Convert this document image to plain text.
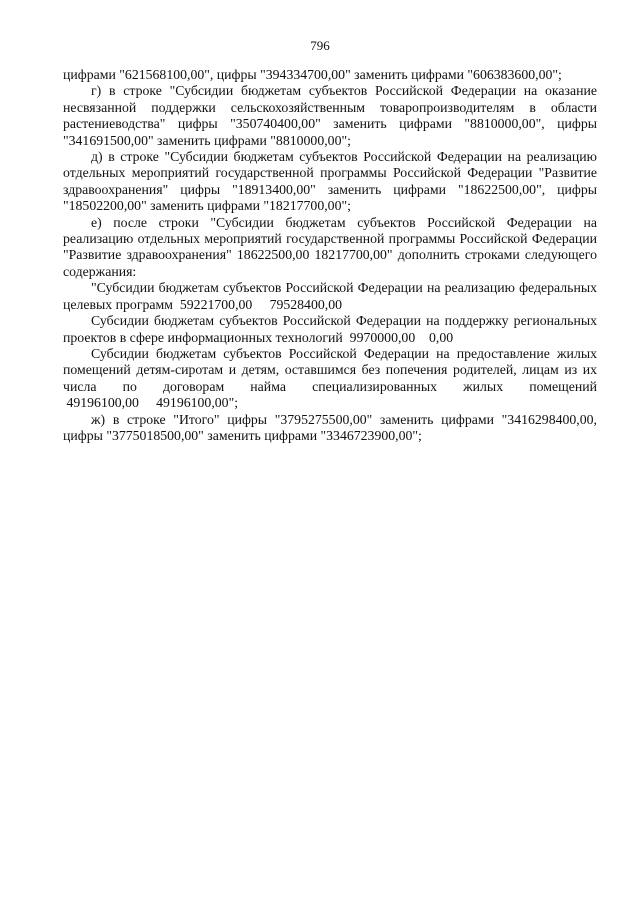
796

цифрами "621568100,00", цифры "394334700,00" заменить цифрами "606383600,00";

г) в строке "Субсидии бюджетам субъектов Российской Федерации на оказание несвязанной поддержки сельскохозяйственным товаропроизводителям в области растениеводства" цифры "350740400,00" заменить цифрами "8810000,00", цифры "341691500,00" заменить цифрами "8810000,00";

д) в строке "Субсидии бюджетам субъектов Российской Федерации на реализацию отдельных мероприятий государственной программы Российской Федерации "Развитие здравоохранения" цифры "18913400,00" заменить цифрами "18622500,00", цифры "18502200,00" заменить цифрами "18217700,00";

е) после строки "Субсидии бюджетам субъектов Российской Федерации на реализацию отдельных мероприятий государственной программы Российской Федерации "Развитие здравоохранения" 18622500,00 18217700,00" дополнить строками следующего содержания:

"Субсидии бюджетам субъектов Российской Федерации на реализацию федеральных целевых программ  59221700,00     79528400,00

Субсидии бюджетам субъектов Российской Федерации на поддержку региональных проектов в сфере информационных технологий  9970000,00    0,00

Субсидии бюджетам субъектов Российской Федерации на предоставление жилых помещений детям-сиротам и детям, оставшимся без попечения родителей, лицам из их числа по договорам найма специализированных жилых помещений 49196100,00     49196100,00";

ж) в строке "Итого" цифры "3795275500,00" заменить цифрами "3416298400,00, цифры "3775018500,00" заменить цифрами "3346723900,00";
